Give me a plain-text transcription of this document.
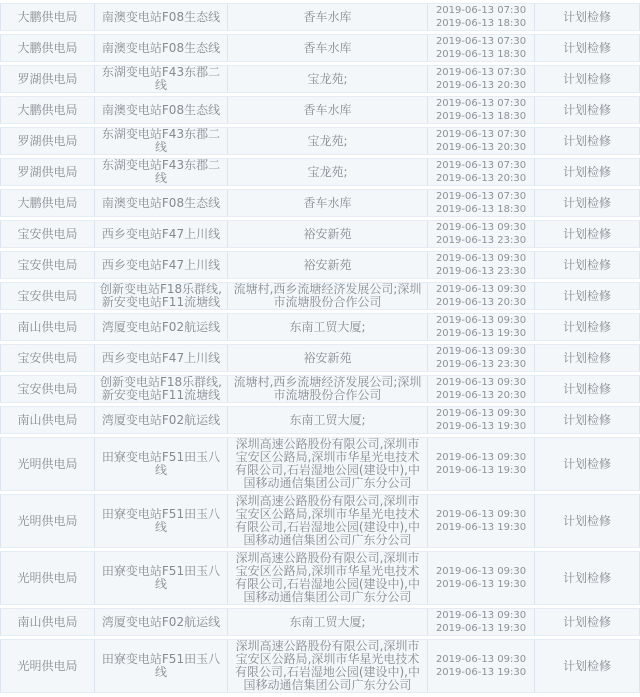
大鹏供电局	南澳变电站F08生态线	香车水库	2019-06-13 07:30
2019-06-13 18:30	计划检修
大鹏供电局	南澳变电站F08生态线	香车水库	2019-06-13 07:30
2019-06-13 18:30	计划检修
罗湖供电局	东湖变电站F43东郡二线	宝龙苑;	2019-06-13 07:30
2019-06-13 20:30	计划检修
大鹏供电局	南澳变电站F08生态线	香车水库	2019-06-13 07:30
2019-06-13 18:30	计划检修
罗湖供电局	东湖变电站F43东郡二线	宝龙苑;	2019-06-13 07:30
2019-06-13 20:30	计划检修
罗湖供电局	东湖变电站F43东郡二线	宝龙苑;	2019-06-13 07:30
2019-06-13 20:30	计划检修
大鹏供电局	南澳变电站F08生态线	香车水库	2019-06-13 07:30
2019-06-13 18:30	计划检修
宝安供电局	西乡变电站F47上川线	裕安新苑	2019-06-13 09:30
2019-06-13 23:30	计划检修
宝安供电局	西乡变电站F47上川线	裕安新苑	2019-06-13 09:30
2019-06-13 23:30	计划检修
宝安供电局	创新变电站F18乐群线,新安变电站F11流塘线	流塘村,西乡流塘经济发展公司;深圳市流塘股份合作公司	2019-06-13 09:30
2019-06-13 20:30	计划检修
南山供电局	湾厦变电站F02航运线	东南工贸大厦;	2019-06-13 09:30
2019-06-13 19:30	计划检修
宝安供电局	西乡变电站F47上川线	裕安新苑	2019-06-13 09:30
2019-06-13 23:30	计划检修
宝安供电局	创新变电站F18乐群线,新安变电站F11流塘线	流塘村,西乡流塘经济发展公司;深圳市流塘股份合作公司	2019-06-13 09:30
2019-06-13 20:30	计划检修
南山供电局	湾厦变电站F02航运线	东南工贸大厦;	2019-06-13 09:30
2019-06-13 19:30	计划检修
光明供电局	田寮变电站F51田玉八线	深圳高速公路股份有限公司,深圳市宝安区公路局,深圳市华星光电技术有限公司,石岩湿地公园(建设中),中国移动通信集团公司广东分公司	2019-06-13 09:30
2019-06-13 19:30	计划检修
光明供电局	田寮变电站F51田玉八线	深圳高速公路股份有限公司,深圳市宝安区公路局,深圳市华星光电技术有限公司,石岩湿地公园(建设中),中国移动通信集团公司广东分公司	2019-06-13 09:30
2019-06-13 19:30	计划检修
光明供电局	田寮变电站F51田玉八线	深圳高速公路股份有限公司,深圳市宝安区公路局,深圳市华星光电技术有限公司,石岩湿地公园(建设中),中国移动通信集团公司广东分公司	2019-06-13 09:30
2019-06-13 19:30	计划检修
南山供电局	湾厦变电站F02航运线	东南工贸大厦;	2019-06-13 09:30
2019-06-13 19:30	计划检修
光明供电局	田寮变电站F51田玉八线	深圳高速公路股份有限公司,深圳市宝安区公路局,深圳市华星光电技术有限公司,石岩湿地公园(建设中),中国移动通信集团公司广东分公司	2019-06-13 09:30
2019-06-13 19:30	计划检修
